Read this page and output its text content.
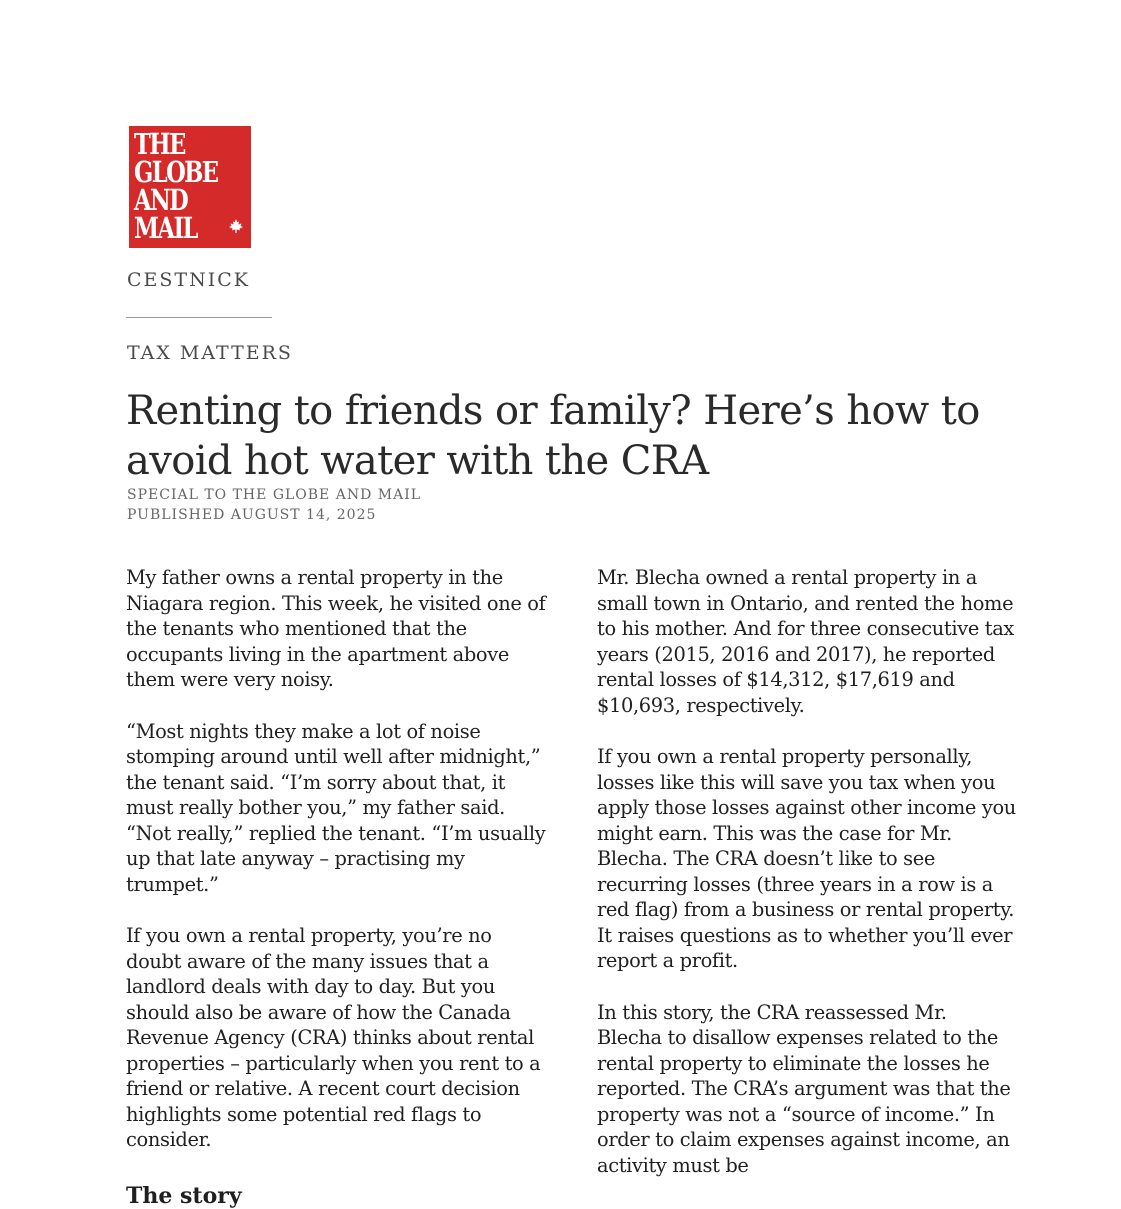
THE
GLOBE
AND
MAIL
CESTNICK
TAX MATTERS
Renting to friends or family? Here’s how to avoid hot water with the CRA
SPECIAL TO THE GLOBE AND MAIL
PUBLISHED AUGUST 14, 2025

My father owns a rental property in the Niagara region. This week, he visited one of the tenants who mentioned that the occupants living in the apartment above them were very noisy.

“Most nights they make a lot of noise stomping around until well after midnight,” the tenant said. “I’m sorry about that, it must really bother you,” my father said. “Not really,” replied the tenant. “I’m usually up that late anyway – practising my trumpet.”

If you own a rental property, you’re no doubt aware of the many issues that a landlord deals with day to day. But you should also be aware of how the Canada Revenue Agency (CRA) thinks about rental properties – particularly when you rent to a friend or relative. A recent court decision highlights some potential red flags to consider.

The story

Mr. Blecha owned a rental property in a small town in Ontario, and rented the home to his mother. And for three consecutive tax years (2015, 2016 and 2017), he reported rental losses of $14,312, $17,619 and $10,693, respectively.

If you own a rental property personally, losses like this will save you tax when you apply those losses against other income you might earn. This was the case for Mr. Blecha. The CRA doesn’t like to see recurring losses (three years in a row is a red flag) from a business or rental property. It raises questions as to whether you’ll ever report a profit.

In this story, the CRA reassessed Mr. Blecha to disallow expenses related to the rental property to eliminate the losses he reported. The CRA’s argument was that the property was not a “source of income.” In order to claim expenses against income, an activity must be
